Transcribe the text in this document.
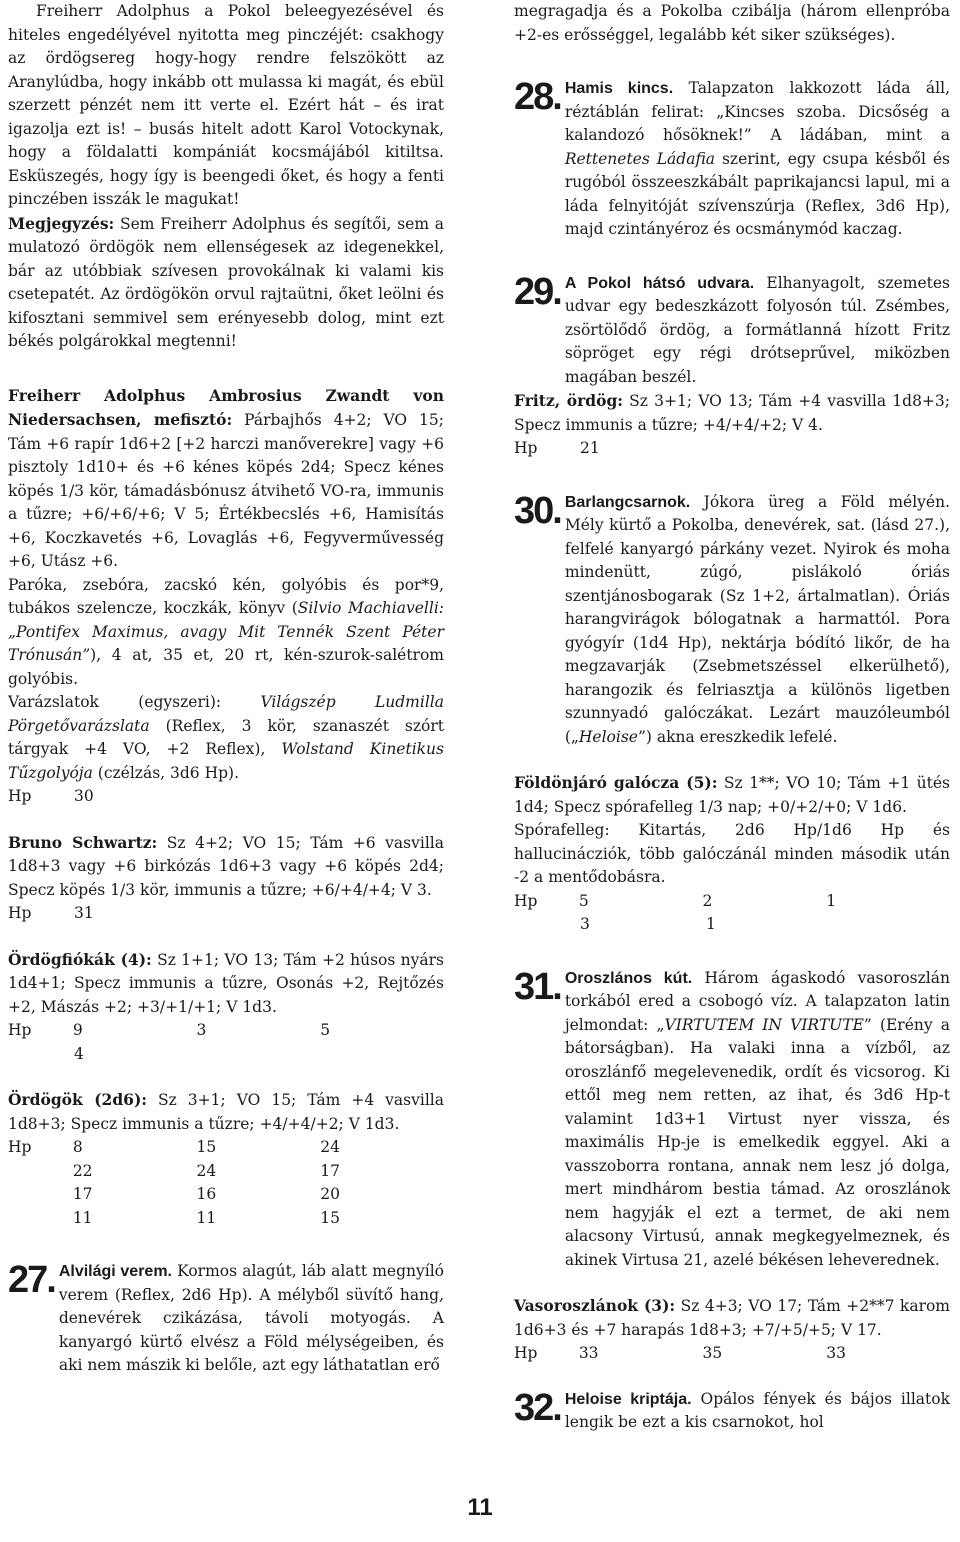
Freiherr Adolphus a Pokol beleegyezésével és hiteles engedélyével nyitotta meg pinczéjét: csakhogy az ördögsereg hogy-hogy rendre felszökött az Aranylúdba, hogy inkább ott mulassa ki magát, és ebül szerzett pénzét nem itt verte el. Ezért hát – és irat igazolja ezt is! – busás hitelt adott Karol Votockynak, hogy a földalatti kompániát kocsmájából kitiltsa. Esküszegés, hogy így is beengedi őket, és hogy a fenti pinczében isszák le magukat!

Megjegyzés: Sem Freiherr Adolphus és segítői, sem a mulatozó ördögök nem ellenségesek az idegenekkel, bár az utóbbiak szívesen provokálnak ki valami kis csetepatét. Az ördögökön orvul rajtaütni, őket leölni és kifosztani semmivel sem erényesebb dolog, mint ezt békés polgárokkal megtenni!

Freiherr Adolphus Ambrosius Zwandt von Niedersachsen, mefisztó: Párbajhős 4+2; VO 15; Tám +6 rapír 1d6+2 [+2 harczi manőverekre] vagy +6 pisztoly 1d10+ és +6 kénes köpés 2d4; Specz kénes köpés 1/3 kör, támadásbónusz átvihető VO-ra, immunis a tűzre; +6/+6/+6; V 5; Értékbecslés +6, Hamisítás +6, Koczkavetés +6, Lovaglás +6, Fegyverművesség +6, Utász +6.

Paróka, zsebóra, zacskó kén, golyóbis és por*9, tubákos szelencze, koczkák, könyv (Silvio Machiavelli: „Pontifex Maximus, avagy Mit Tennék Szent Péter Trónusán”), 4 at, 35 et, 20 rt, kén-szurok-salétrom golyóbis.

Varázslatok (egyszeri): Világszép Ludmilla Pörgetővarázslata (Reflex, 3 kör, szanaszét szórt tárgyak +4 VO, +2 Reflex), Wolstand Kinetikus Tűzgolyója (czélzás, 3d6 Hp).

Hp	30

Bruno Schwartz: Sz 4+2; VO 15; Tám +6 vasvilla 1d8+3 vagy +6 birkózás 1d6+3 vagy +6 köpés 2d4; Specz köpés 1/3 kör, immunis a tűzre; +6/+4/+4; V 3.

Hp	31

Ördögfiókák (4): Sz 1+1; VO 13; Tám +2 húsos nyárs 1d4+1; Specz immunis a tűzre, Osonás +2, Rejtőzés +2, Mászás +2; +3/+1/+1; V 1d3.

Hp	9	3	5
4

Ördögök (2d6): Sz 3+1; VO 15; Tám +4 vasvilla 1d8+3; Specz immunis a tűzre; +4/+4/+2; V 1d3.

Hp	8	15	24
22	24	17
17	16	20
11	11	15
27. Alvilági verem. Kormos alagút, láb alatt megnyíló verem (Reflex, 2d6 Hp). A mélyből süvítő hang, denevérek czikázása, távoli motyogás. A kanyargó kürtő elvész a Föld mélységeiben, és aki nem mászik ki belőle, azt egy láthatatlan erő

megragadja és a Pokolba czibálja (három ellenpróba +2-es erősséggel, legalább két siker szükséges).

28. Hamis kincs. Talapzaton lakkozott láda áll, réztáblán felirat: „Kincses szoba. Dicsőség a kalandozó hősöknek!” A ládában, mint a Rettenetes Ládafia szerint, egy csupa késből és rugóból összeeszkábált paprikajancsi lapul, mi a láda felnyitóját szívenszúrja (Reflex, 3d6 Hp), majd czintányéroz és ocsmánymód kaczag.

29. A Pokol hátsó udvara. Elhanyagolt, szemetes udvar egy bedeszkázott folyosón túl. Zsémbes, zsörtölődő ördög, a formátlanná hízott Fritz söpröget egy régi drótseprűvel, miközben magában beszél.

Fritz, ördög: Sz 3+1; VO 13; Tám +4 vasvilla 1d8+3; Specz immunis a tűzre; +4/+4/+2; V 4.

Hp	21
30. Barlangcsarnok. Jókora üreg a Föld mélyén. Mély kürtő a Pokolba, denevérek, sat. (lásd 27.), felfelé kanyargó párkány vezet. Nyirok és moha mindenütt, zúgó, pislákoló óriás szentjánosbogarak (Sz 1+2, ártalmatlan). Óriás harangvirágok bólogatnak a harmattól. Pora gyógyír (1d4 Hp), nektárja bódító likőr, de ha megzavarják (Zsebmetszéssel elkerülhető), harangozik és felriasztja a különös ligetben szunnyadó galóczákat. Lezárt mauzóleumból („Heloise”) akna ereszkedik lefelé.

Földönjáró galócza (5): Sz 1**; VO 10; Tám +1 ütés 1d4; Specz spórafelleg 1/3 nap; +0/+2/+0; V 1d6.

Spórafelleg: Kitartás, 2d6 Hp/1d6 Hp és hallucinácziók, több galóczánál minden második után -2 a mentődobásra.

Hp	5	2	1
3	1
31. Oroszlános kút. Három ágaskodó vasoroszlán torkából ered a csobogó víz. A talapzaton latin jelmondat: „VIRTUTEM IN VIRTUTE” (Erény a bátorságban). Ha valaki inna a vízből, az oroszlánfő megelevenedik, ordít és vicsorog. Ki ettől meg nem retten, az ihat, és 3d6 Hp-t valamint 1d3+1 Virtust nyer vissza, és maximális Hp-je is emelkedik eggyel. Aki a vasszoborra rontana, annak nem lesz jó dolga, mert mindhárom bestia támad. Az oroszlánok nem hagyják el ezt a termet, de aki nem alacsony Virtusú, annak megkegyelmeznek, és akinek Virtusa 21, azelé békésen leheverednek.

Vasoroszlánok (3): Sz 4+3; VO 17; Tám +2**7 karom 1d6+3 és +7 harapás 1d8+3; +7/+5/+5; V 17.

Hp	33	35	33
32. Heloise kriptája. Opálos fények és bájos illatok lengik be ezt a kis csarnokot, hol

11
